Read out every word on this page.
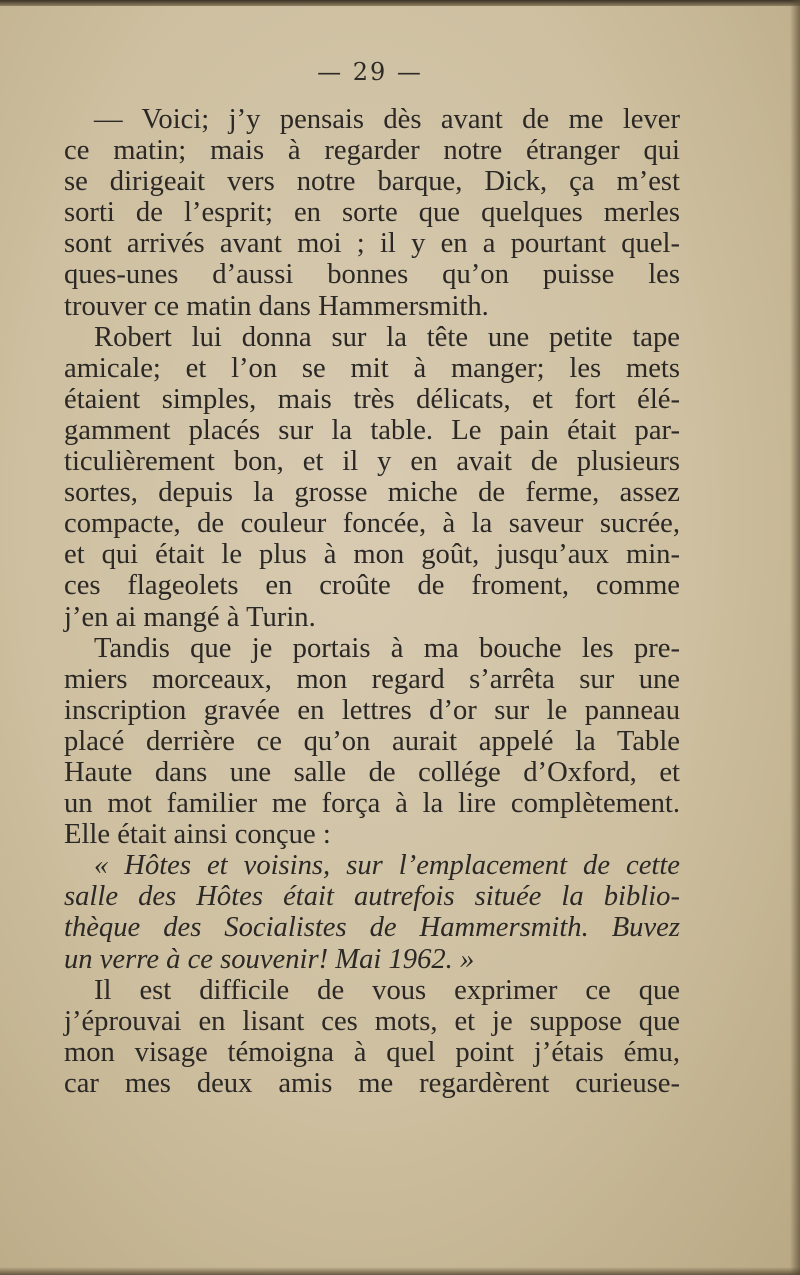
— 29 —
— Voici; j’y pensais dès avant de me lever
ce matin; mais à regarder notre étranger qui
se dirigeait vers notre barque, Dick, ça m’est
sorti de l’esprit; en sorte que quelques merles
sont arrivés avant moi ; il y en a pourtant quel-
ques-unes d’aussi bonnes qu’on puisse les
trouver ce matin dans Hammersmith.
Robert lui donna sur la tête une petite tape
amicale; et l’on se mit à manger; les mets
étaient simples, mais très délicats, et fort élé-
gamment placés sur la table. Le pain était par-
ticulièrement bon, et il y en avait de plusieurs
sortes, depuis la grosse miche de ferme, assez
compacte, de couleur foncée, à la saveur sucrée,
et qui était le plus à mon goût, jusqu’aux min-
ces flageolets en croûte de froment, comme
j’en ai mangé à Turin.
Tandis que je portais à ma bouche les pre-
miers morceaux, mon regard s’arrêta sur une
inscription gravée en lettres d’or sur le panneau
placé derrière ce qu’on aurait appelé la Table
Haute dans une salle de collége d’Oxford, et
un mot familier me força à la lire complètement.
Elle était ainsi conçue :
« Hôtes et voisins, sur l’emplacement de cette
salle des Hôtes était autrefois située la biblio-
thèque des Socialistes de Hammersmith. Buvez
un verre à ce souvenir! Mai 1962. »
Il est difficile de vous exprimer ce que
j’éprouvai en lisant ces mots, et je suppose que
mon visage témoigna à quel point j’étais ému,
car mes deux amis me regardèrent curieuse-
